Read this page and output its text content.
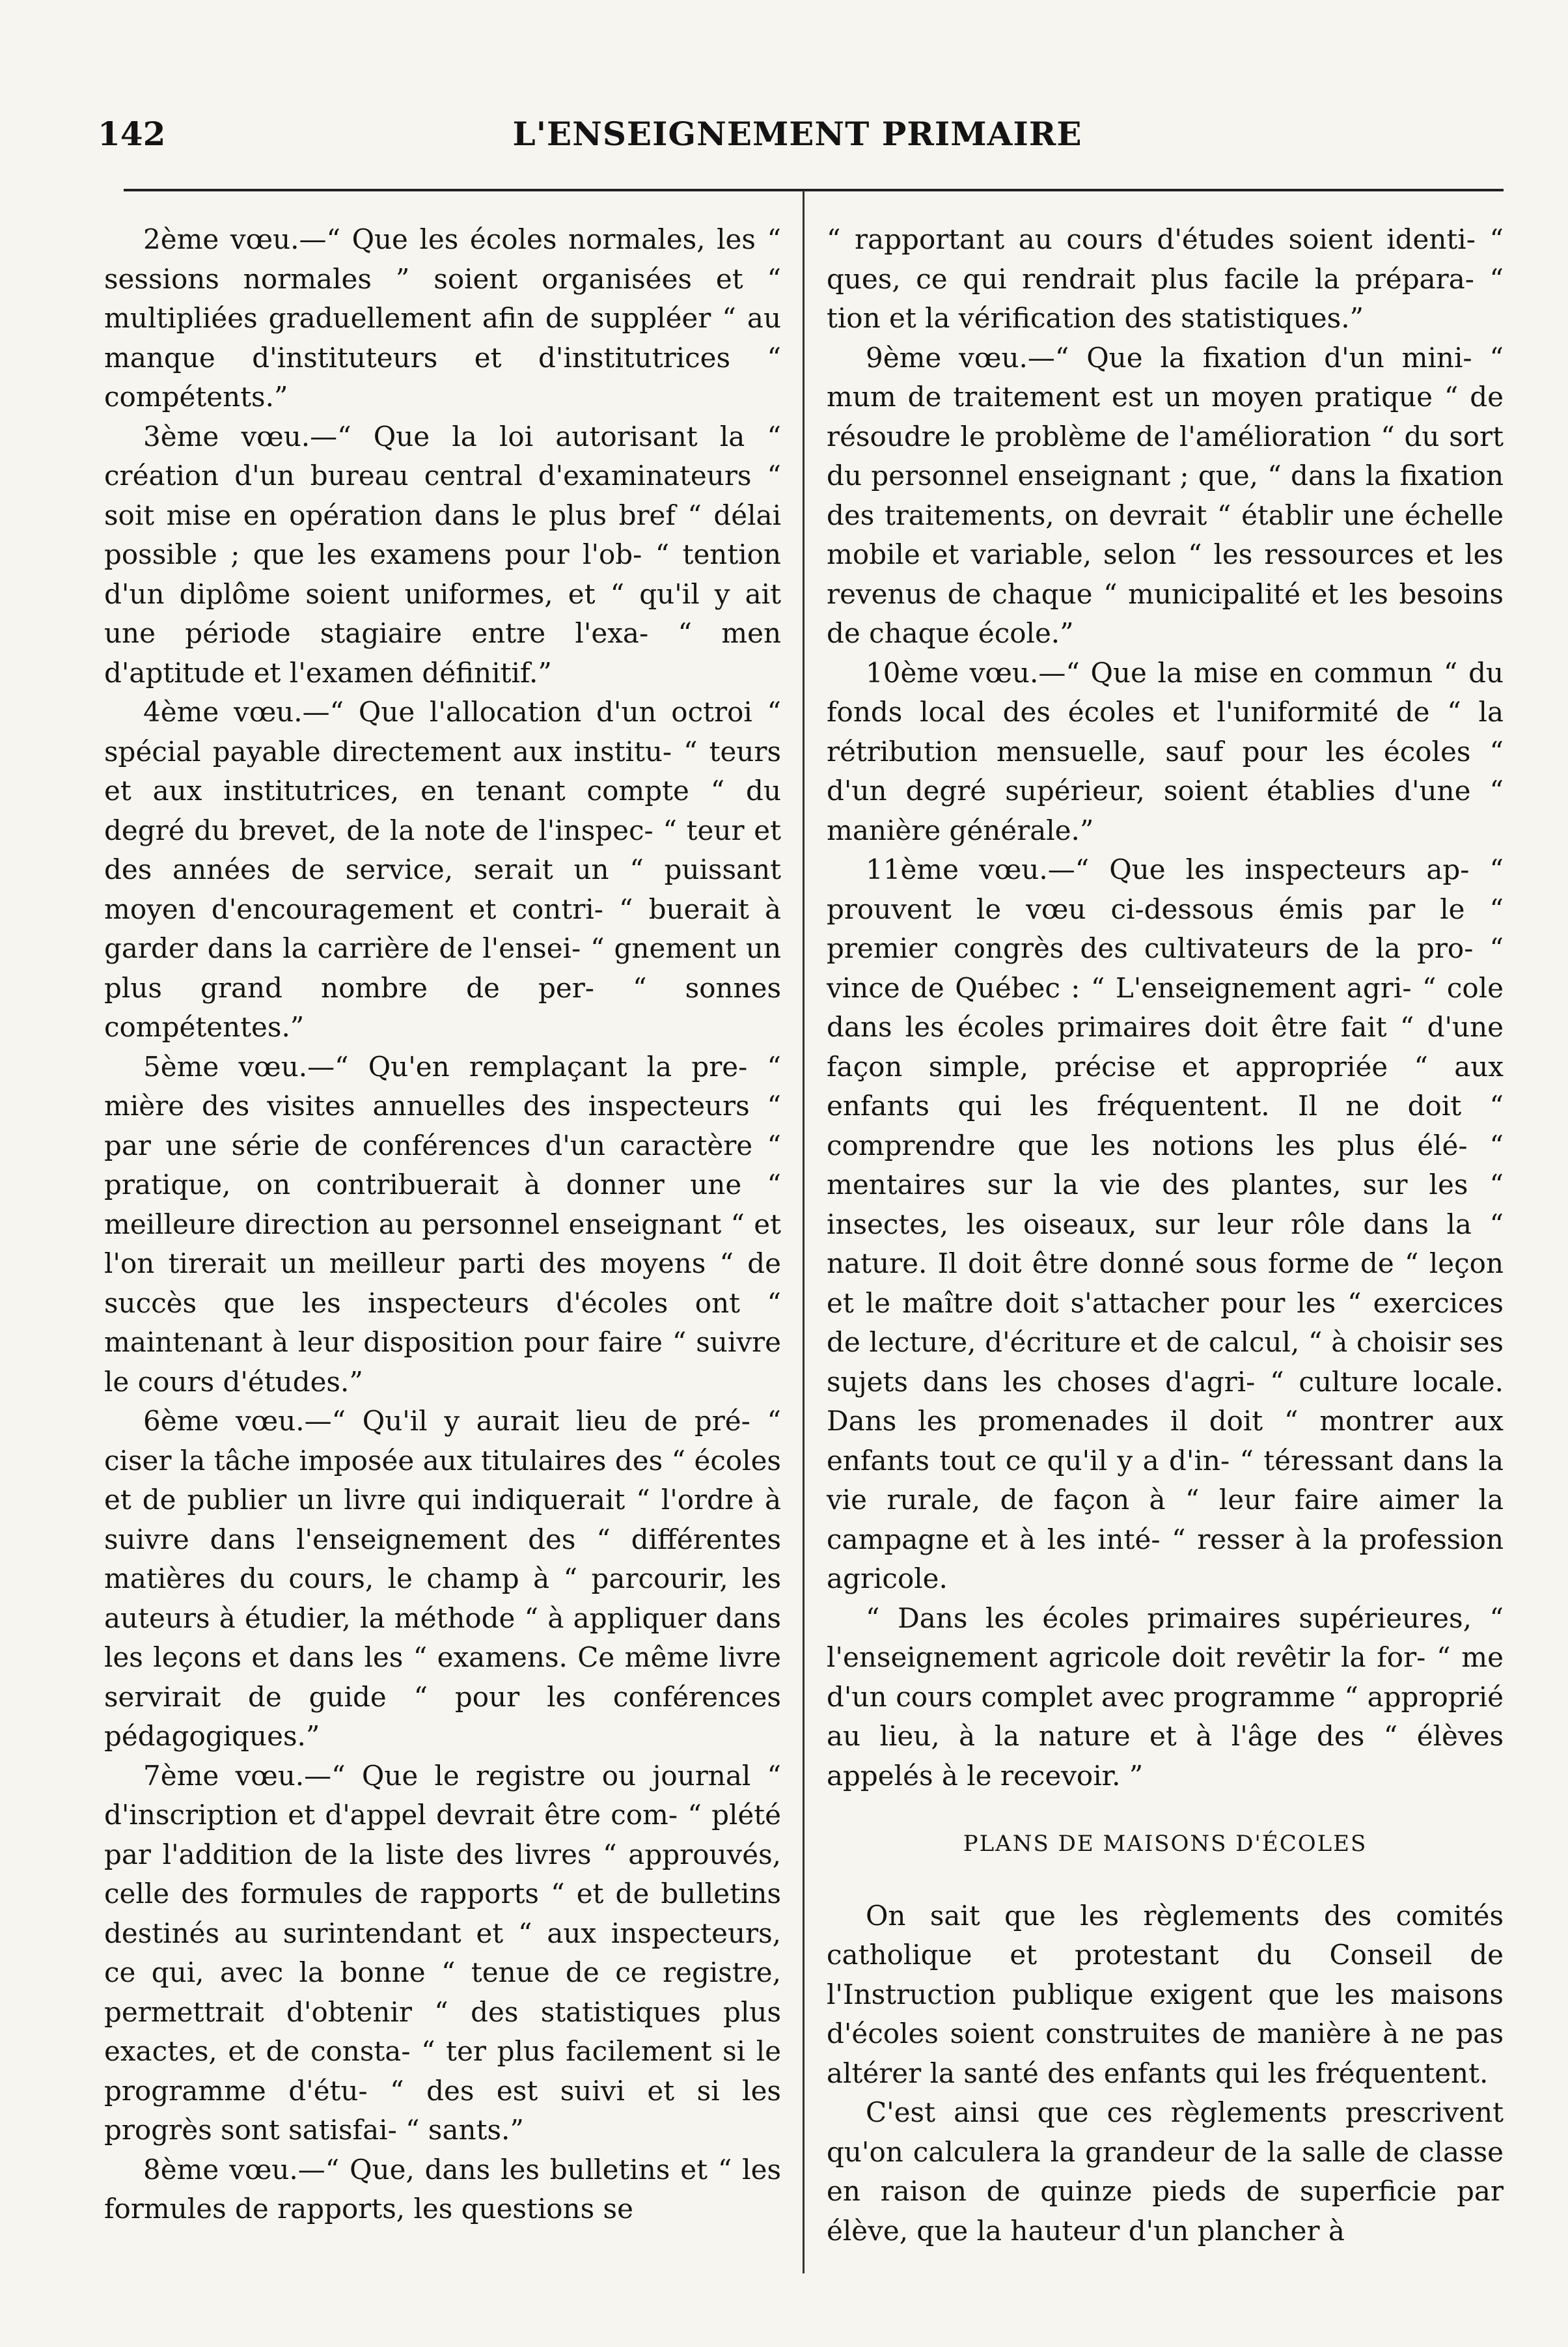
142	L'ENSEIGNEMENT PRIMAIRE

2ème vœu.—“ Que les écoles normales, les “ sessions normales ” soient organisées et “ multipliées graduellement afin de suppléer “ au manque d'instituteurs et d'institutrices “ compétents.”

3ème vœu.—“ Que la loi autorisant la “ création d'un bureau central d'examinateurs “ soit mise en opération dans le plus bref “ délai possible ; que les examens pour l'ob- “ tention d'un diplôme soient uniformes, et “ qu'il y ait une période stagiaire entre l'exa- “ men d'aptitude et l'examen définitif.”

4ème vœu.—“ Que l'allocation d'un octroi “ spécial payable directement aux institu- “ teurs et aux institutrices, en tenant compte “ du degré du brevet, de la note de l'inspec- “ teur et des années de service, serait un “ puissant moyen d'encouragement et contri- “ buerait à garder dans la carrière de l'ensei- “ gnement un plus grand nombre de per- “ sonnes compétentes.”

5ème vœu.—“ Qu'en remplaçant la pre- “ mière des visites annuelles des inspecteurs “ par une série de conférences d'un caractère “ pratique, on contribuerait à donner une “ meilleure direction au personnel enseignant “ et l'on tirerait un meilleur parti des moyens “ de succès que les inspecteurs d'écoles ont “ maintenant à leur disposition pour faire “ suivre le cours d'études.”

6ème vœu.—“ Qu'il y aurait lieu de pré- “ ciser la tâche imposée aux titulaires des “ écoles et de publier un livre qui indiquerait “ l'ordre à suivre dans l'enseignement des “ différentes matières du cours, le champ à “ parcourir, les auteurs à étudier, la méthode “ à appliquer dans les leçons et dans les “ examens. Ce même livre servirait de guide “ pour les conférences pédagogiques.”

7ème vœu.—“ Que le registre ou journal “ d'inscription et d'appel devrait être com- “ plété par l'addition de la liste des livres “ approuvés, celle des formules de rapports “ et de bulletins destinés au surintendant et “ aux inspecteurs, ce qui, avec la bonne “ tenue de ce registre, permettrait d'obtenir “ des statistiques plus exactes, et de consta- “ ter plus facilement si le programme d'étu- “ des est suivi et si les progrès sont satisfai- “ sants.”

8ème vœu.—“ Que, dans les bulletins et “ les formules de rapports, les questions se

“ rapportant au cours d'études soient identi- “ ques, ce qui rendrait plus facile la prépara- “ tion et la vérification des statistiques.”

9ème vœu.—“ Que la fixation d'un mini- “ mum de traitement est un moyen pratique “ de résoudre le problème de l'amélioration “ du sort du personnel enseignant ; que, “ dans la fixation des traitements, on devrait “ établir une échelle mobile et variable, selon “ les ressources et les revenus de chaque “ municipalité et les besoins de chaque école.”

10ème vœu.—“ Que la mise en commun “ du fonds local des écoles et l'uniformité de “ la rétribution mensuelle, sauf pour les écoles “ d'un degré supérieur, soient établies d'une “ manière générale.”

11ème vœu.—“ Que les inspecteurs ap- “ prouvent le vœu ci-dessous émis par le “ premier congrès des cultivateurs de la pro- “ vince de Québec : “ L'enseignement agri- “ cole dans les écoles primaires doit être fait “ d'une façon simple, précise et appropriée “ aux enfants qui les fréquentent. Il ne doit “ comprendre que les notions les plus élé- “ mentaires sur la vie des plantes, sur les “ insectes, les oiseaux, sur leur rôle dans la “ nature. Il doit être donné sous forme de “ leçon et le maître doit s'attacher pour les “ exercices de lecture, d'écriture et de calcul, “ à choisir ses sujets dans les choses d'agri- “ culture locale. Dans les promenades il doit “ montrer aux enfants tout ce qu'il y a d'in- “ téressant dans la vie rurale, de façon à “ leur faire aimer la campagne et à les inté- “ resser à la profession agricole.

“ Dans les écoles primaires supérieures, “ l'enseignement agricole doit revêtir la for- “ me d'un cours complet avec programme “ approprié au lieu, à la nature et à l'âge des “ élèves appelés à le recevoir. ”

PLANS DE MAISONS D'ÉCOLES

On sait que les règlements des comités catholique et protestant du Conseil de l'Instruction publique exigent que les maisons d'écoles soient construites de manière à ne pas altérer la santé des enfants qui les fréquentent.

C'est ainsi que ces règlements prescrivent qu'on calculera la grandeur de la salle de classe en raison de quinze pieds de superficie par élève, que la hauteur d'un plancher à
